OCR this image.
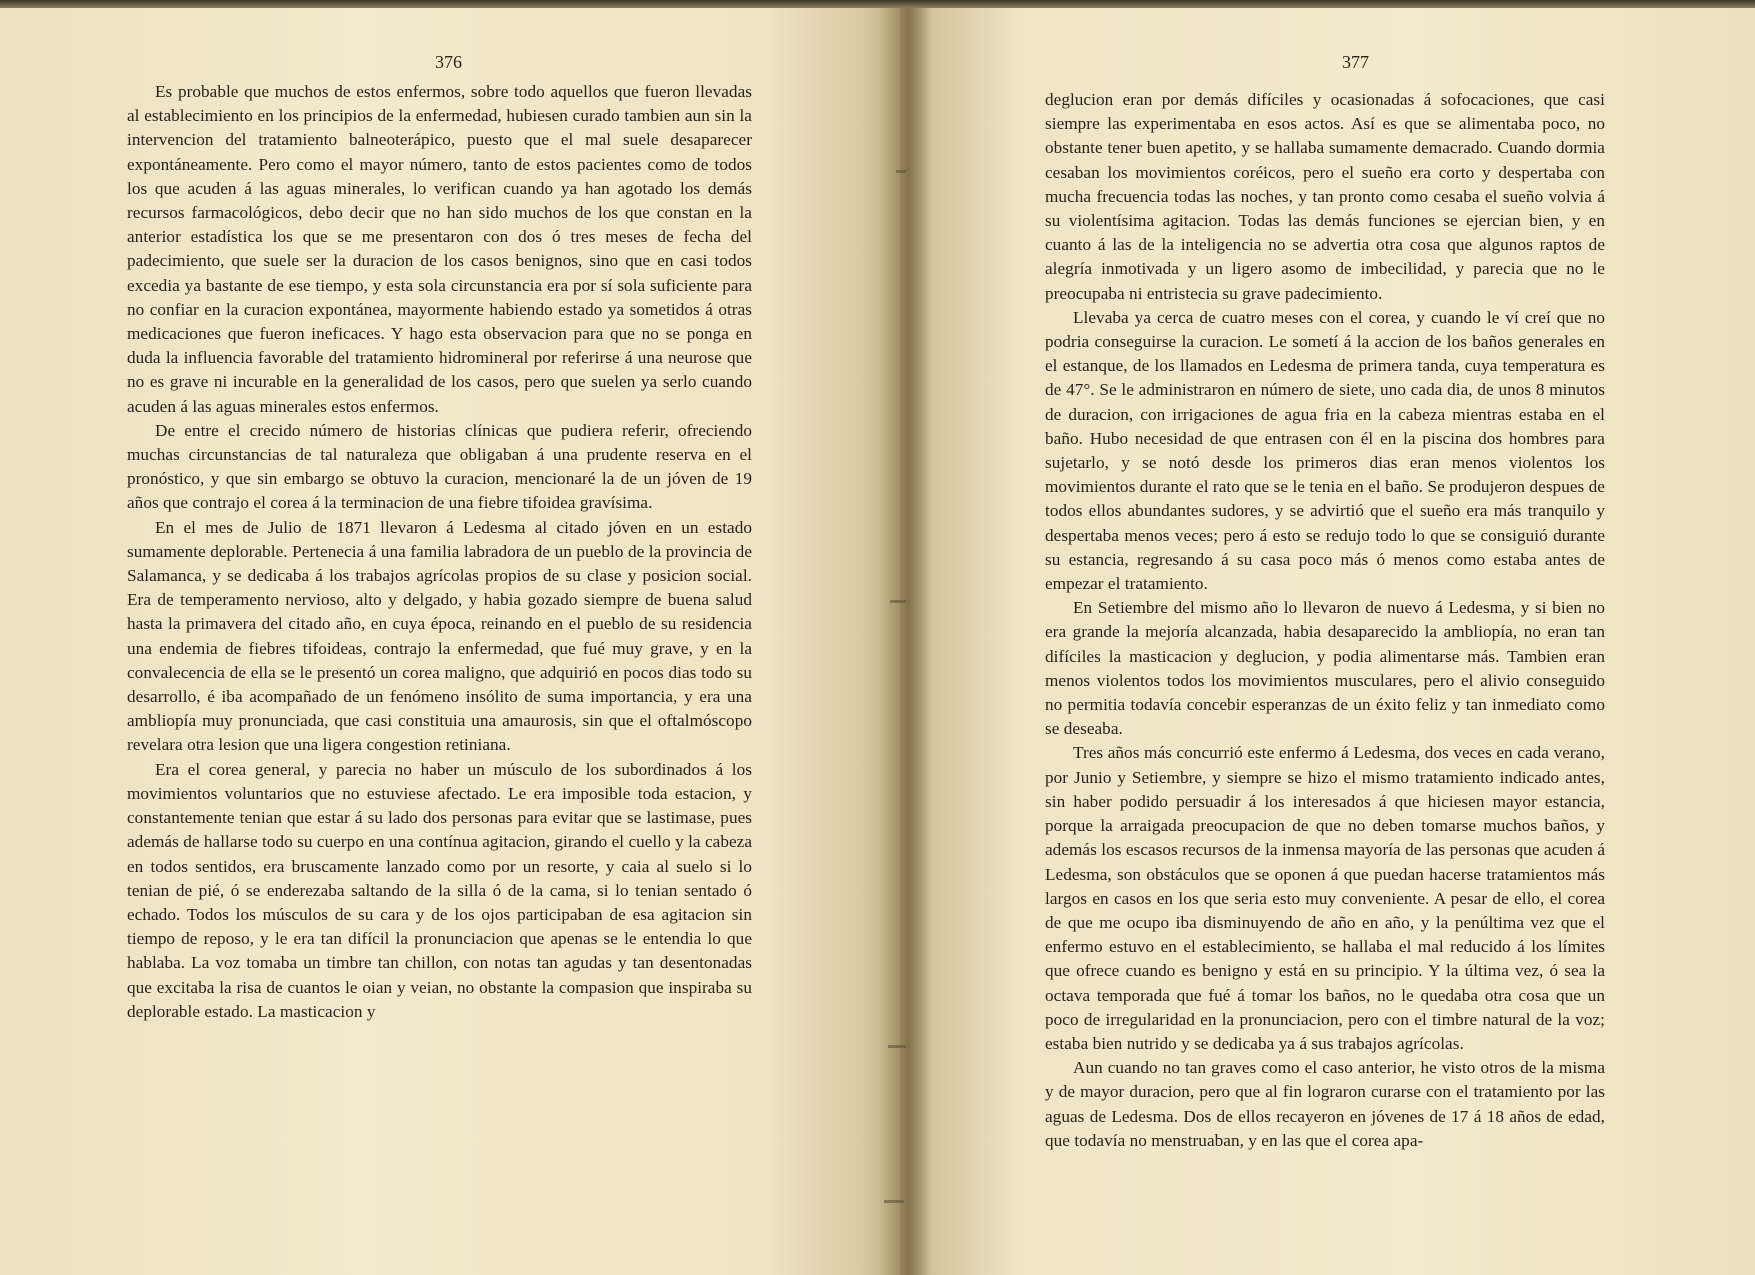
376

Es probable que muchos de estos enfermos, sobre todo aquellos que fueron llevadas al establecimiento en los principios de la enfermedad, hubiesen curado tambien aun sin la intervencion del tratamiento balneoterápico, puesto que el mal suele desaparecer expontáneamente. Pero como el mayor número, tanto de estos pacientes como de todos los que acuden á las aguas minerales, lo verifican cuando ya han agotado los demás recursos farmacológicos, debo decir que no han sido muchos de los que constan en la anterior estadística los que se me presentaron con dos ó tres meses de fecha del padecimiento, que suele ser la duracion de los casos benignos, sino que en casi todos excedia ya bastante de ese tiempo, y esta sola circunstancia era por sí sola suficiente para no confiar en la curacion expontánea, mayormente habiendo estado ya sometidos á otras medicaciones que fueron ineficaces. Y hago esta observacion para que no se ponga en duda la influencia favorable del tratamiento hidromineral por referirse á una neurose que no es grave ni incurable en la generalidad de los casos, pero que suelen ya serlo cuando acuden á las aguas minerales estos enfermos.

De entre el crecido número de historias clínicas que pudiera referir, ofreciendo muchas circunstancias de tal naturaleza que obligaban á una prudente reserva en el pronóstico, y que sin embargo se obtuvo la curacion, mencionaré la de un jóven de 19 años que contrajo el corea á la terminacion de una fiebre tifoidea gravísima.

En el mes de Julio de 1871 llevaron á Ledesma al citado jóven en un estado sumamente deplorable. Pertenecia á una familia labradora de un pueblo de la provincia de Salamanca, y se dedicaba á los trabajos agrícolas propios de su clase y posicion social. Era de temperamento nervioso, alto y delgado, y habia gozado siempre de buena salud hasta la primavera del citado año, en cuya época, reinando en el pueblo de su residencia una endemia de fiebres tifoideas, contrajo la enfermedad, que fué muy grave, y en la convalecencia de ella se le presentó un corea maligno, que adquirió en pocos dias todo su desarrollo, é iba acompañado de un fenómeno insólito de suma importancia, y era una ambliopía muy pronunciada, que casi constituia una amaurosis, sin que el oftalmóscopo revelara otra lesion que una ligera congestion retiniana.

Era el corea general, y parecia no haber un músculo de los subordinados á los movimientos voluntarios que no estuviese afectado. Le era imposible toda estacion, y constantemente tenian que estar á su lado dos personas para evitar que se lastimase, pues además de hallarse todo su cuerpo en una contínua agitacion, girando el cuello y la cabeza en todos sentidos, era bruscamente lanzado como por un resorte, y caia al suelo si lo tenian de pié, ó se enderezaba saltando de la silla ó de la cama, si lo tenian sentado ó echado. Todos los músculos de su cara y de los ojos participaban de esa agitacion sin tiempo de reposo, y le era tan difícil la pronunciacion que apenas se le entendia lo que hablaba. La voz tomaba un timbre tan chillon, con notas tan agudas y tan desentonadas que excitaba la risa de cuantos le oian y veian, no obstante la compasion que inspiraba su deplorable estado. La masticacion y

377

deglucion eran por demás difíciles y ocasionadas á sofocaciones, que casi siempre las experimentaba en esos actos. Así es que se alimentaba poco, no obstante tener buen apetito, y se hallaba sumamente demacrado. Cuando dormia cesaban los movimientos coréicos, pero el sueño era corto y despertaba con mucha frecuencia todas las noches, y tan pronto como cesaba el sueño volvia á su violentísima agitacion. Todas las demás funciones se ejercian bien, y en cuanto á las de la inteligencia no se advertia otra cosa que algunos raptos de alegría inmotivada y un ligero asomo de imbecilidad, y parecia que no le preocupaba ni entristecia su grave padecimiento.

Llevaba ya cerca de cuatro meses con el corea, y cuando le ví creí que no podria conseguirse la curacion. Le sometí á la accion de los baños generales en el estanque, de los llamados en Ledesma de primera tanda, cuya temperatura es de 47°. Se le administraron en número de siete, uno cada dia, de unos 8 minutos de duracion, con irrigaciones de agua fria en la cabeza mientras estaba en el baño. Hubo necesidad de que entrasen con él en la piscina dos hombres para sujetarlo, y se notó desde los primeros dias eran menos violentos los movimientos durante el rato que se le tenia en el baño. Se produjeron despues de todos ellos abundantes sudores, y se advirtió que el sueño era más tranquilo y despertaba menos veces; pero á esto se redujo todo lo que se consiguió durante su estancia, regresando á su casa poco más ó menos como estaba antes de empezar el tratamiento.

En Setiembre del mismo año lo llevaron de nuevo á Ledesma, y si bien no era grande la mejoría alcanzada, habia desaparecido la ambliopía, no eran tan difíciles la masticacion y deglucion, y podia alimentarse más. Tambien eran menos violentos todos los movimientos musculares, pero el alivio conseguido no permitia todavía concebir esperanzas de un éxito feliz y tan inmediato como se deseaba.

Tres años más concurrió este enfermo á Ledesma, dos veces en cada verano, por Junio y Setiembre, y siempre se hizo el mismo tratamiento indicado antes, sin haber podido persuadir á los interesados á que hiciesen mayor estancia, porque la arraigada preocupacion de que no deben tomarse muchos baños, y además los escasos recursos de la inmensa mayoría de las personas que acuden á Ledesma, son obstáculos que se oponen á que puedan hacerse tratamientos más largos en casos en los que seria esto muy conveniente. A pesar de ello, el corea de que me ocupo iba disminuyendo de año en año, y la penúltima vez que el enfermo estuvo en el establecimiento, se hallaba el mal reducido á los límites que ofrece cuando es benigno y está en su principio. Y la última vez, ó sea la octava temporada que fué á tomar los baños, no le quedaba otra cosa que un poco de irregularidad en la pronunciacion, pero con el timbre natural de la voz; estaba bien nutrido y se dedicaba ya á sus trabajos agrícolas.

Aun cuando no tan graves como el caso anterior, he visto otros de la misma y de mayor duracion, pero que al fin lograron curarse con el tratamiento por las aguas de Ledesma. Dos de ellos recayeron en jóvenes de 17 á 18 años de edad, que todavía no menstruaban, y en las que el corea apa-
